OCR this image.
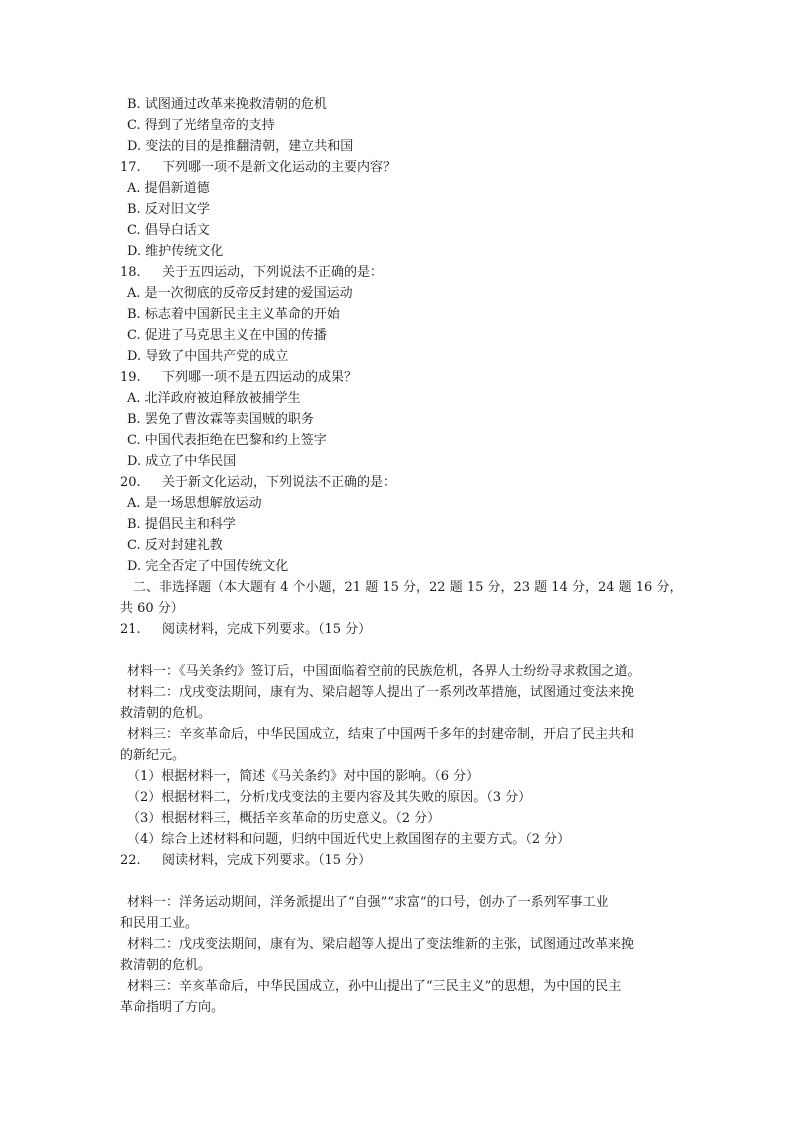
B. 试图通过改革来挽救清朝的危机
C. 得到了光绪皇帝的支持
D. 变法的目的是推翻清朝，建立共和国
17. 下列哪一项不是新文化运动的主要内容？
A. 提倡新道德
B. 反对旧文学
C. 倡导白话文
D. 维护传统文化
18. 关于五四运动，下列说法不正确的是：
A. 是一次彻底的反帝反封建的爱国运动
B. 标志着中国新民主主义革命的开始
C. 促进了马克思主义在中国的传播
D. 导致了中国共产党的成立
19. 下列哪一项不是五四运动的成果？
A. 北洋政府被迫释放被捕学生
B. 罢免了曹汝霖等卖国贼的职务
C. 中国代表拒绝在巴黎和约上签字
D. 成立了中华民国
20. 关于新文化运动，下列说法不正确的是：
A. 是一场思想解放运动
B. 提倡民主和科学
C. 反对封建礼教
D. 完全否定了中国传统文化
二、非选择题（本大题有 4 个小题，21 题 15 分，22 题 15 分，23 题 14 分，24 题 16 分，
共 60 分）
21. 阅读材料，完成下列要求。（15 分）
材料一：《马关条约》签订后，中国面临着空前的民族危机，各界人士纷纷寻求救国之道。
材料二：戊戌变法期间，康有为、梁启超等人提出了一系列改革措施，试图通过变法来挽
救清朝的危机。
材料三：辛亥革命后，中华民国成立，结束了中国两千多年的封建帝制，开启了民主共和
的新纪元。
（1）根据材料一，简述《马关条约》对中国的影响。（6 分）
（2）根据材料二，分析戊戌变法的主要内容及其失败的原因。（3 分）
（3）根据材料三，概括辛亥革命的历史意义。（2 分）
（4）综合上述材料和问题，归纳中国近代史上救国图存的主要方式。（2 分）
22. 阅读材料，完成下列要求。（15 分）
材料一：洋务运动期间，洋务派提出了“自强”“求富”的口号，创办了一系列军事工业
和民用工业。
材料二：戊戌变法期间，康有为、梁启超等人提出了变法维新的主张，试图通过改革来挽
救清朝的危机。
材料三：辛亥革命后，中华民国成立，孙中山提出了“三民主义”的思想，为中国的民主
革命指明了方向。
